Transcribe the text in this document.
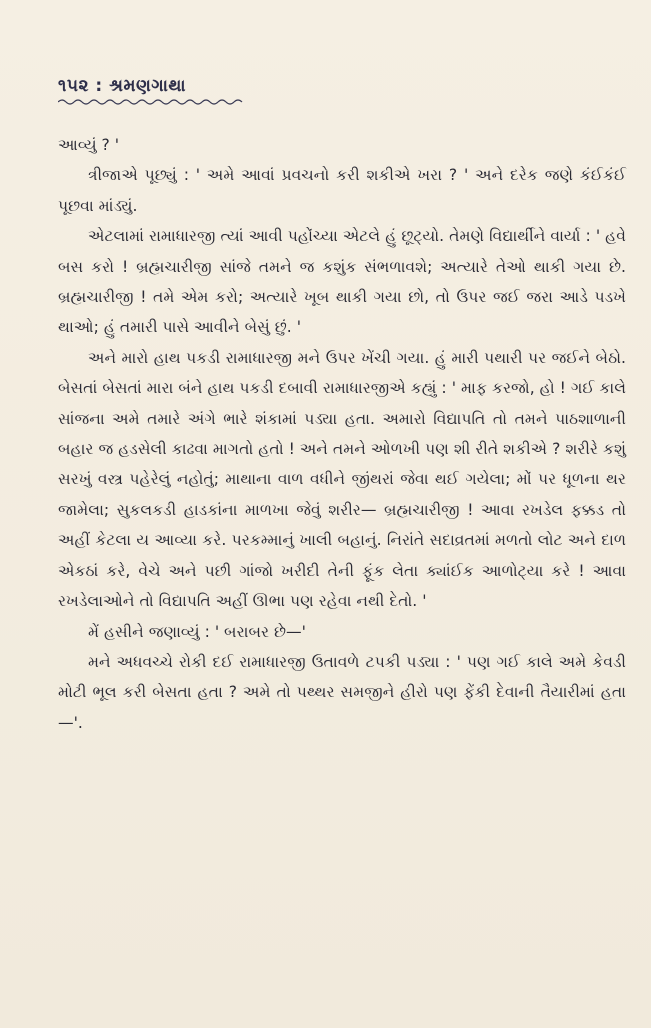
૧૫૨ : શ્રમણગાથા

આવ્યું ? '

ત્રીજાએ પૂછ્યું : ' અમે આવાં પ્રવચનો કરી શકીએ ખરા ? ' અને દરેક જણે કંઈકંઈ પૂછવા માંડ્યું.

એટલામાં રામાધારજી ત્યાં આવી પહોંચ્યા એટલે હું છૂટ્યો. તેમણે વિદ્યાર્થીને વાર્યા : ' હવે બસ કરો ! બ્રહ્મચારીજી સાંજે તમને જ કશુંક સંભળાવશે; અત્યારે તેઓ થાકી ગયા છે. બ્રહ્મચારીજી ! તમે એમ કરો; અત્યારે ખૂબ થાકી ગયા છો, તો ઉપર જઈ જરા આડે પડખે થાઓ; હું તમારી પાસે આવીને બેસું છું. '

અને મારો હાથ પકડી રામાધારજી મને ઉપર ખેંચી ગયા. હું મારી પથારી પર જઈને બેઠો. બેસતાં બેસતાં મારા બંને હાથ પકડી દબાવી રામાધારજીએ કહ્યું : ' માફ કરજો, હો ! ગઈ કાલે સાંજના અમે તમારે અંગે ભારે શંકામાં પડ્યા હતા. અમારો વિદ્યાપતિ તો તમને પાઠશાળાની બહાર જ હડસેલી કાઢવા માગતો હતો ! અને તમને ઓળખી પણ શી રીતે શકીએ ? શરીરે કશું સરખું વસ્ત્ર પહેરેલું નહોતું; માથાના વાળ વધીને જીંથરાં જેવા થઈ ગયેલા; મોં પર ધૂળના થર જામેલા; સુકલકડી હાડકાંના માળખા જેવું શરીર— બ્રહ્મચારીજી ! આવા રખડેલ ફક્કડ તો અહીં કેટલા ય આવ્યા કરે. પરકમ્માનું ખાલી બહાનું. નિરાંતે સદાવ્રતમાં મળતો લોટ અને દાળ એકઠાં કરે, વેચે અને પછી ગાંજો ખરીદી તેની ફૂંક લેતા ક્યાંઈક આળોટ્યા કરે ! આવા રખડેલાઓને તો વિદ્યાપતિ અહીં ઊભા પણ રહેવા નથી દેતો. '

મેં હસીને જણાવ્યું : ' બરાબર છે—'

મને અધવચ્ચે રોકી દઈ રામાધારજી ઉતાવળે ટપકી પડ્યા : ' પણ ગઈ કાલે અમે કેવડી મોટી ભૂલ કરી બેસતા હતા ? અમે તો પથ્થર સમજીને હીરો પણ ફેંકી દેવાની તૈયારીમાં હતા—'.
